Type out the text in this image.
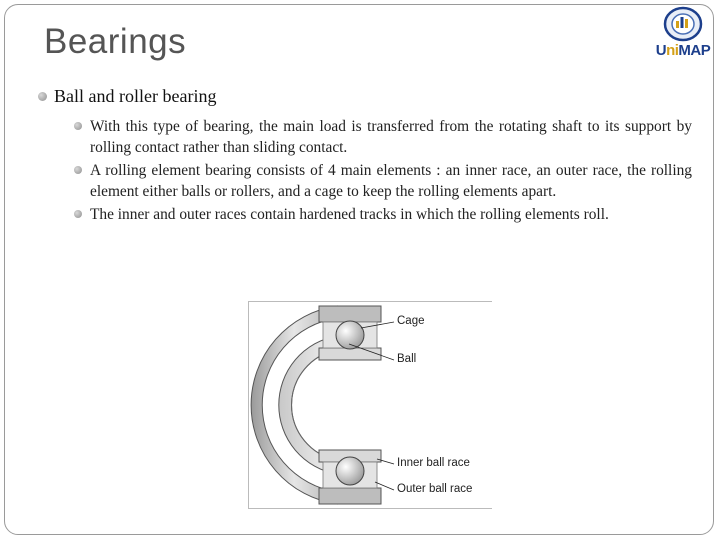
Bearings	UniMAP
Ball and roller bearing
With this type of bearing, the main load is transferred from the rotating shaft to its support by rolling contact rather than sliding contact.
A rolling element bearing consists of 4 main elements : an inner race, an outer race, the rolling element either balls or rollers, and a cage to keep the rolling elements apart.
The inner and outer races contain hardened tracks in which the rolling elements roll.
Cage
Ball
Inner ball race
Outer ball race
